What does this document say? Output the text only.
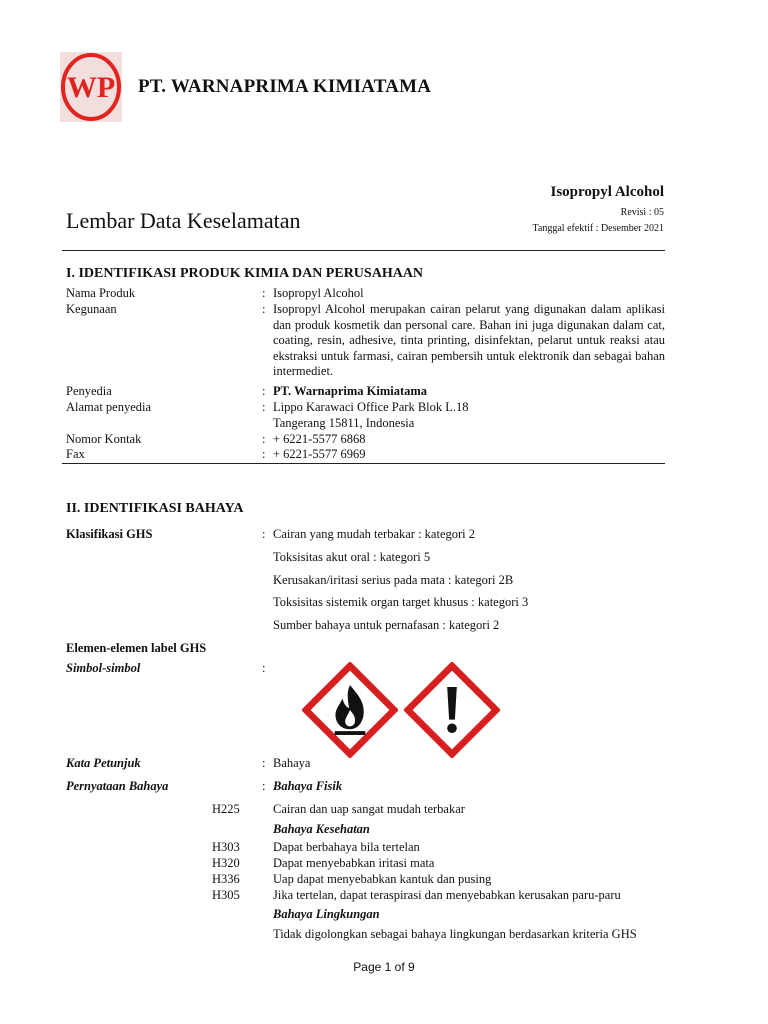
WP PT. WARNAPRIMA KIMIATAMA
Isopropyl Alcohol
Lembar Data Keselamatan	Revisi : 05
Tanggal efektif : Desember 2021
I. IDENTIFIKASI PRODUK KIMIA DAN PERUSAHAAN
Nama Produk	: Isopropyl Alcohol
Kegunaan	: Isopropyl Alcohol merupakan cairan pelarut yang digunakan dalam aplikasi dan produk kosmetik dan personal care. Bahan ini juga digunakan dalam cat, coating, resin, adhesive, tinta printing, disinfektan, pelarut untuk reaksi atau ekstraksi untuk farmasi, cairan pembersih untuk elektronik dan sebagai bahan intermediet.
Penyedia	: PT. Warnaprima Kimiatama
Alamat penyedia	: Lippo Karawaci Office Park Blok L.18
Tangerang 15811, Indonesia
Nomor Kontak	: + 6221-5577 6868
Fax	: + 6221-5577 6969
II. IDENTIFIKASI BAHAYA
Klasifikasi GHS	: Cairan yang mudah terbakar : kategori 2
Toksisitas akut oral : kategori 5
Kerusakan/iritasi serius pada mata : kategori 2B
Toksisitas sistemik organ target khusus : kategori 3
Sumber bahaya untuk pernafasan : kategori 2
Elemen-elemen label GHS
Simbol-simbol	:
Kata Petunjuk	: Bahaya
Pernyataan Bahaya	: Bahaya Fisik
H225	Cairan dan uap sangat mudah terbakar
Bahaya Kesehatan
H303	Dapat berbahaya bila tertelan
H320	Dapat menyebabkan iritasi mata
H336	Uap dapat menyebabkan kantuk dan pusing
H305	Jika tertelan, dapat teraspirasi dan menyebabkan kerusakan paru-paru
Bahaya Lingkungan
Tidak digolongkan sebagai bahaya lingkungan berdasarkan kriteria GHS
Page 1 of 9
